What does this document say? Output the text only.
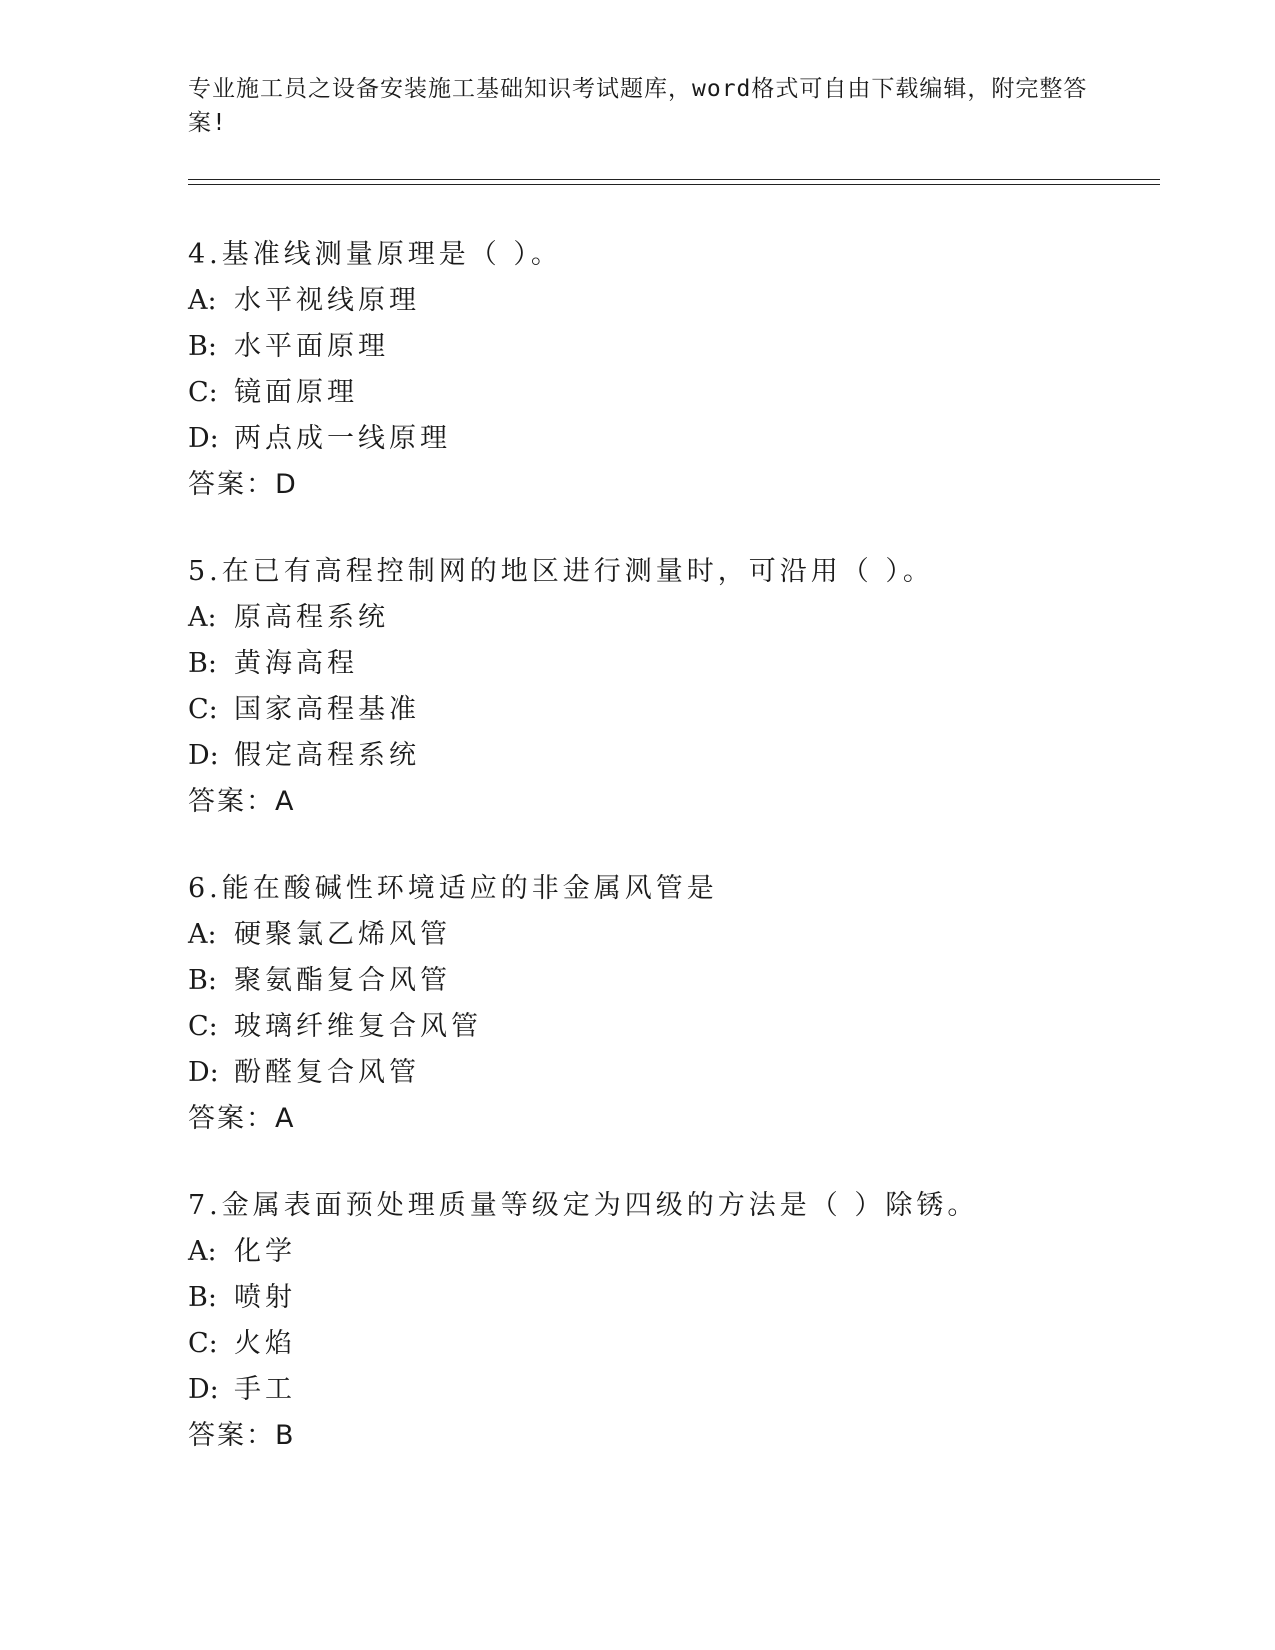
专业施工员之设备安装施工基础知识考试题库，word格式可自由下载编辑，附完整答案!
4.基准线测量原理是（ ）。
A: 水平视线原理
B: 水平面原理
C: 镜面原理
D: 两点成一线原理
答案：D
5.在已有高程控制网的地区进行测量时，可沿用（ ）。
A: 原高程系统
B: 黄海高程
C: 国家高程基准
D: 假定高程系统
答案：A
6.能在酸碱性环境适应的非金属风管是
A: 硬聚氯乙烯风管
B: 聚氨酯复合风管
C: 玻璃纤维复合风管
D: 酚醛复合风管
答案：A
7.金属表面预处理质量等级定为四级的方法是（ ）除锈。
A: 化学
B: 喷射
C: 火焰
D: 手工
答案：B
